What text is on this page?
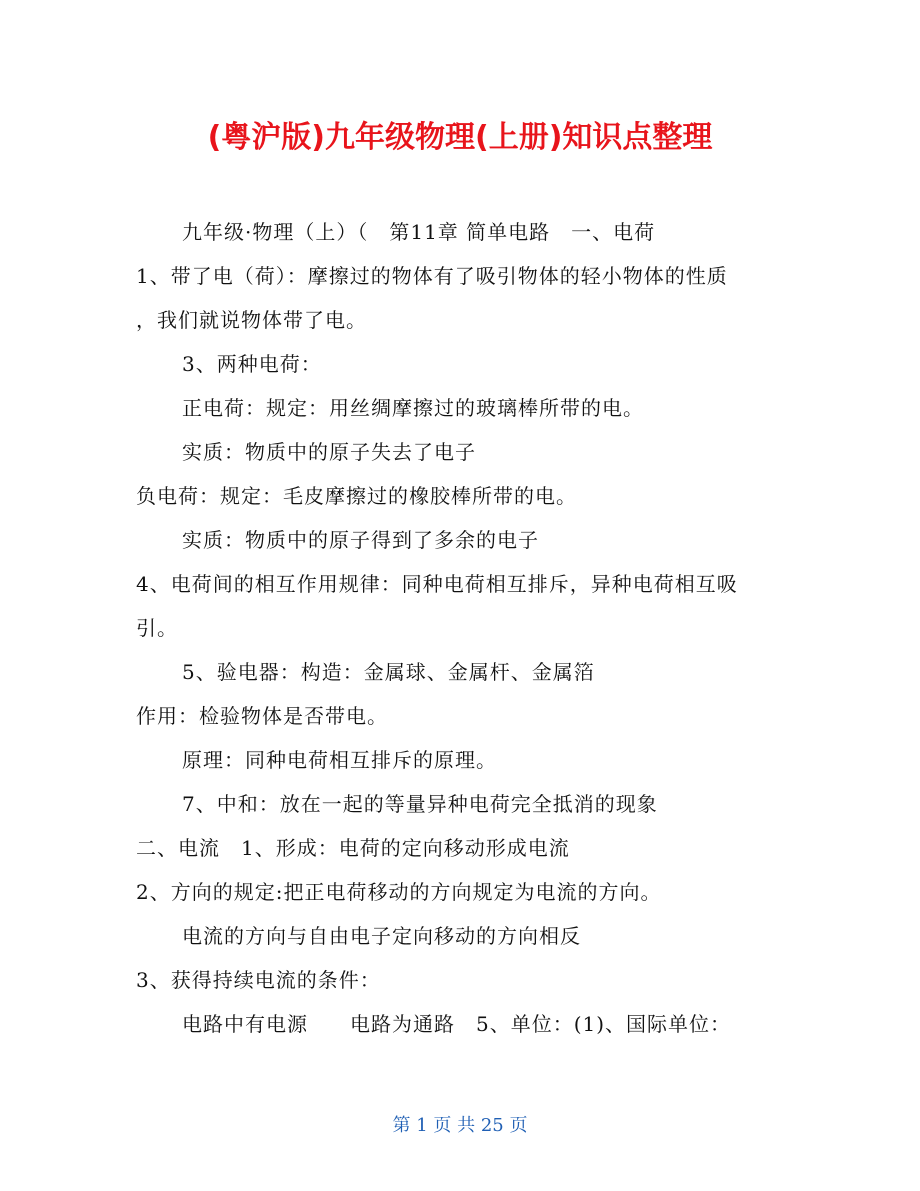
(粤沪版)九年级物理(上册)知识点整理
九年级·物理（上）（　第11章 简单电路　一、电荷
1、带了电（荷）：摩擦过的物体有了吸引物体的轻小物体的性质
，我们就说物体带了电。
3、两种电荷：
正电荷：规定：用丝绸摩擦过的玻璃棒所带的电。
实质：物质中的原子失去了电子
负电荷：规定：毛皮摩擦过的橡胶棒所带的电。
实质：物质中的原子得到了多余的电子
4、电荷间的相互作用规律：同种电荷相互排斥，异种电荷相互吸
引。
5、验电器：构造：金属球、金属杆、金属箔
作用：检验物体是否带电。
原理：同种电荷相互排斥的原理。
7、中和：放在一起的等量异种电荷完全抵消的现象
二、电流　1、形成：电荷的定向移动形成电流
2、方向的规定:把正电荷移动的方向规定为电流的方向。
电流的方向与自由电子定向移动的方向相反
3、获得持续电流的条件：
电路中有电源　　电路为通路　5、单位：(1)、国际单位：
第 1 页 共 25 页
